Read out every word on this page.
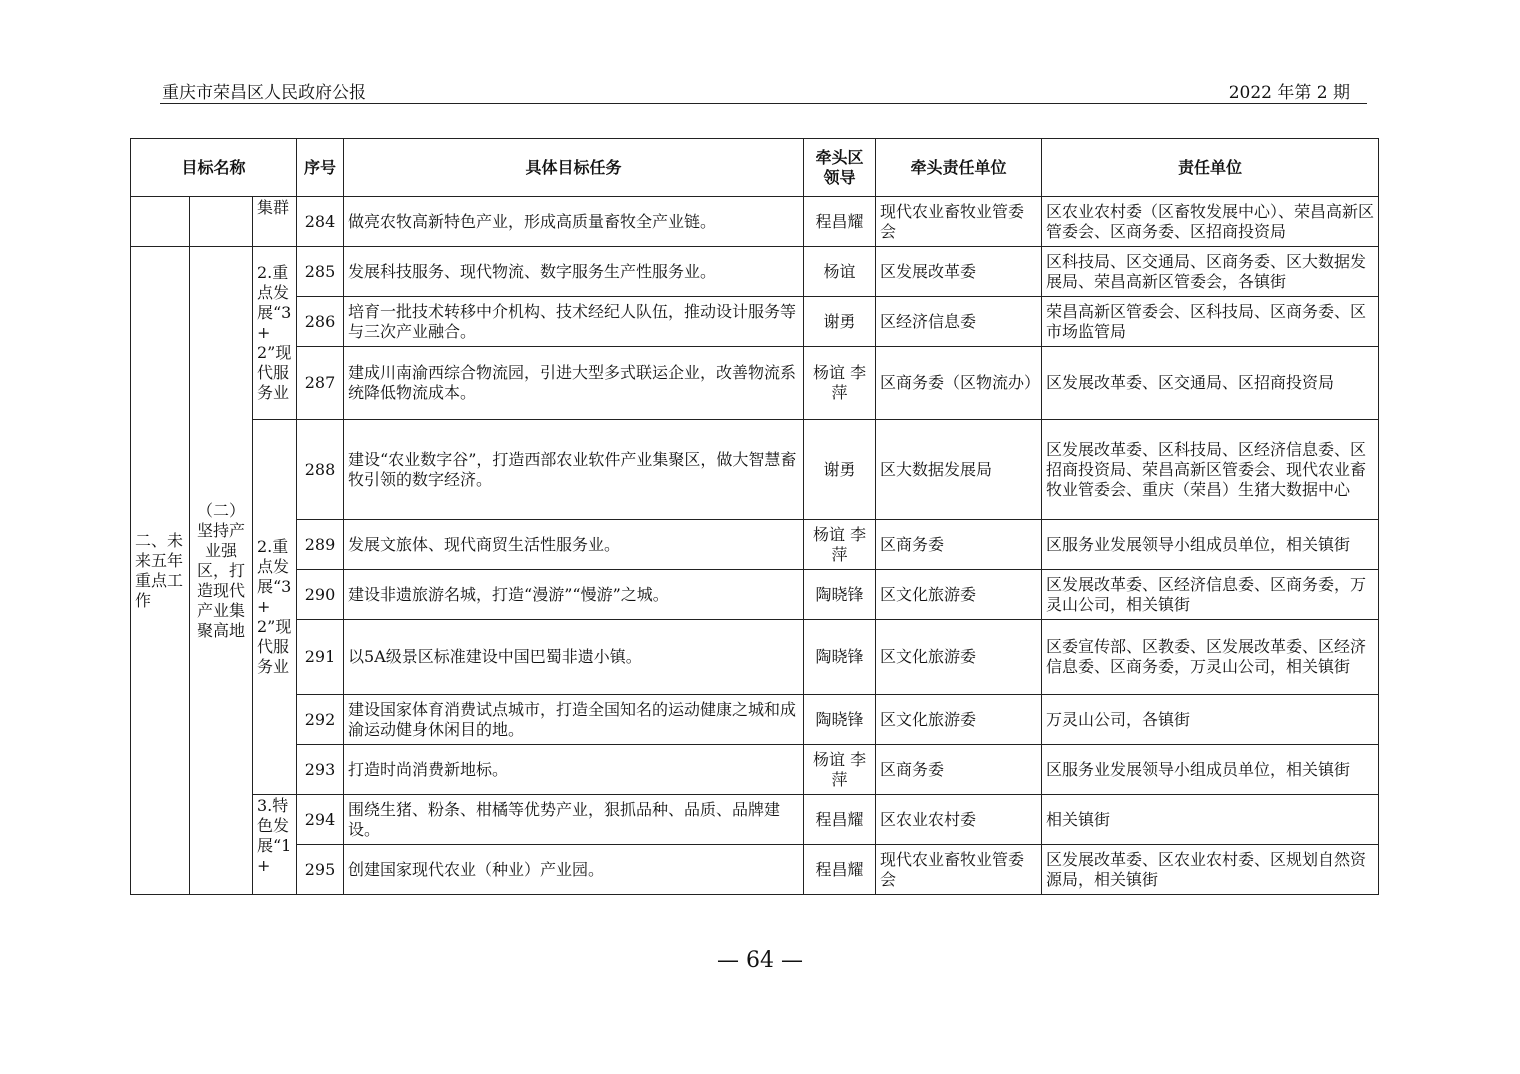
重庆市荣昌区人民政府公报	2022 年第 2 期
目标名称			序号	具体目标任务	牵头区领导	牵头责任单位	责任单位
		集群	284	做亮农牧高新特色产业，形成高质量畜牧全产业链。	程昌耀	现代农业畜牧业管委会	区农业农村委（区畜牧发展中心）、荣昌高新区管委会、区商务委、区招商投资局
二、未来五年重点工作	（二）坚持产业强区，打造现代产业集聚高地	2.重点发展“3+2”现代服务业	285	发展科技服务、现代物流、数字服务生产性服务业。	杨谊	区发展改革委	区科技局、区交通局、区商务委、区大数据发展局、荣昌高新区管委会，各镇街
			286	培育一批技术转移中介机构、技术经纪人队伍，推动设计服务等与三次产业融合。	谢勇	区经济信息委	荣昌高新区管委会、区科技局、区商务委、区市场监管局
			287	建成川南渝西综合物流园，引进大型多式联运企业，改善物流系统降低物流成本。	杨谊 李萍	区商务委（区物流办）	区发展改革委、区交通局、区招商投资局
		2.重点发展“3+2”现代服务业	288	建设“农业数字谷”，打造西部农业软件产业集聚区，做大智慧畜牧引领的数字经济。	谢勇	区大数据发展局	区发展改革委、区科技局、区经济信息委、区招商投资局、荣昌高新区管委会、现代农业畜牧业管委会、重庆（荣昌）生猪大数据中心
			289	发展文旅体、现代商贸生活性服务业。	杨谊 李萍	区商务委	区服务业发展领导小组成员单位，相关镇街
			290	建设非遗旅游名城，打造“漫游”“慢游”之城。	陶晓锋	区文化旅游委	区发展改革委、区经济信息委、区商务委，万灵山公司，相关镇街
			291	以5A级景区标准建设中国巴蜀非遗小镇。	陶晓锋	区文化旅游委	区委宣传部、区教委、区发展改革委、区经济信息委、区商务委，万灵山公司，相关镇街
			292	建设国家体育消费试点城市，打造全国知名的运动健康之城和成渝运动健身休闲目的地。	陶晓锋	区文化旅游委	万灵山公司，各镇街
			293	打造时尚消费新地标。	杨谊 李萍	区商务委	区服务业发展领导小组成员单位，相关镇街
		3.特色发展“1+	294	围绕生猪、粉条、柑橘等优势产业，狠抓品种、品质、品牌建设。	程昌耀	区农业农村委	相关镇街
			295	创建国家现代农业（种业）产业园。	程昌耀	现代农业畜牧业管委会	区发展改革委、区农业农村委、区规划自然资源局，相关镇街
— 64 —
